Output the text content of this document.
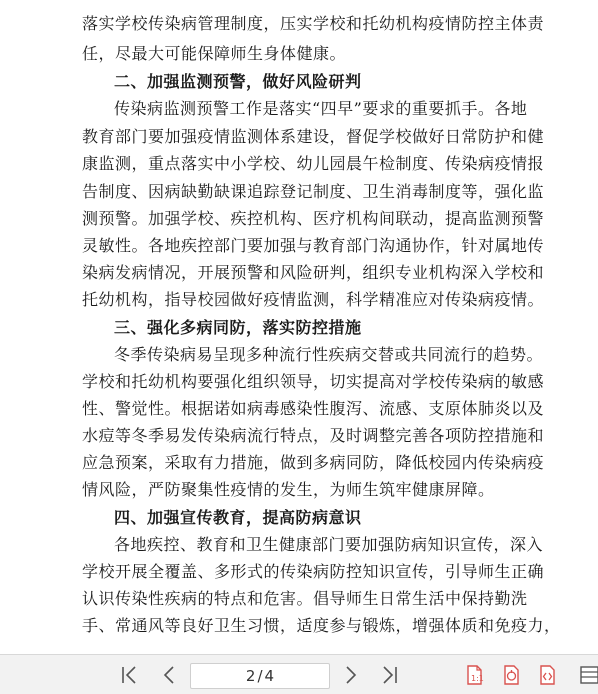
落实学校传染病管理制度，压实学校和托幼机构疫情防控主体责
任，尽最大可能保障师生身体健康。
二、加强监测预警，做好风险研判
传染病监测预警工作是落实“四早”要求的重要抓手。各地
教育部门要加强疫情监测体系建设，督促学校做好日常防护和健
康监测，重点落实中小学校、幼儿园晨午检制度、传染病疫情报
告制度、因病缺勤缺课追踪登记制度、卫生消毒制度等，强化监
测预警。加强学校、疾控机构、医疗机构间联动，提高监测预警
灵敏性。各地疾控部门要加强与教育部门沟通协作，针对属地传
染病发病情况，开展预警和风险研判，组织专业机构深入学校和
托幼机构，指导校园做好疫情监测，科学精准应对传染病疫情。
三、强化多病同防，落实防控措施
冬季传染病易呈现多种流行性疾病交替或共同流行的趋势。
学校和托幼机构要强化组织领导，切实提高对学校传染病的敏感
性、警觉性。根据诺如病毒感染性腹泻、流感、支原体肺炎以及
水痘等冬季易发传染病流行特点，及时调整完善各项防控措施和
应急预案，采取有力措施，做到多病同防，降低校园内传染病疫
情风险，严防聚集性疫情的发生，为师生筑牢健康屏障。
四、加强宣传教育，提高防病意识
各地疾控、教育和卫生健康部门要加强防病知识宣传，深入
学校开展全覆盖、多形式的传染病防控知识宣传，引导师生正确
认识传染性疾病的特点和危害。倡导师生日常生活中保持勤洗
手、常通风等良好卫生习惯，适度参与锻炼，增强体质和免疫力，
2 / 4	1:1
